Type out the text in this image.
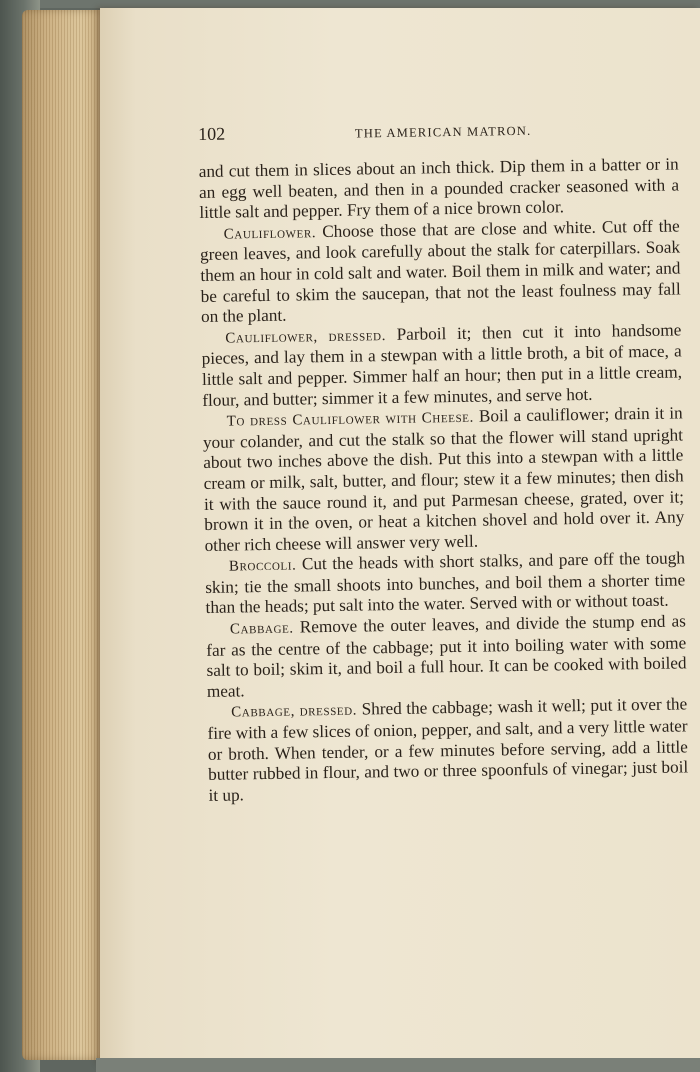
102	THE AMERICAN MATRON.

and cut them in slices about an inch thick. Dip them in a batter or in an egg well beaten, and then in a pounded cracker seasoned with a little salt and pepper. Fry them of a nice brown color.

Cauliflower. Choose those that are close and white. Cut off the green leaves, and look carefully about the stalk for caterpillars. Soak them an hour in cold salt and water. Boil them in milk and water; and be careful to skim the saucepan, that not the least foulness may fall on the plant.

Cauliflower, dressed. Parboil it; then cut it into handsome pieces, and lay them in a stewpan with a little broth, a bit of mace, a little salt and pepper. Simmer half an hour; then put in a little cream, flour, and butter; simmer it a few minutes, and serve hot.

To dress Cauliflower with Cheese. Boil a cauliflower; drain it in your colander, and cut the stalk so that the flower will stand upright about two inches above the dish. Put this into a stewpan with a little cream or milk, salt, butter, and flour; stew it a few minutes; then dish it with the sauce round it, and put Parmesan cheese, grated, over it; brown it in the oven, or heat a kitchen shovel and hold over it. Any other rich cheese will answer very well.

Broccoli. Cut the heads with short stalks, and pare off the tough skin; tie the small shoots into bunches, and boil them a shorter time than the heads; put salt into the water. Served with or without toast.

Cabbage. Remove the outer leaves, and divide the stump end as far as the centre of the cabbage; put it into boiling water with some salt to boil; skim it, and boil a full hour. It can be cooked with boiled meat.

Cabbage, dressed. Shred the cabbage; wash it well; put it over the fire with a few slices of onion, pepper, and salt, and a very little water or broth. When tender, or a few minutes before serving, add a little butter rubbed in flour, and two or three spoonfuls of vinegar; just boil it up.
